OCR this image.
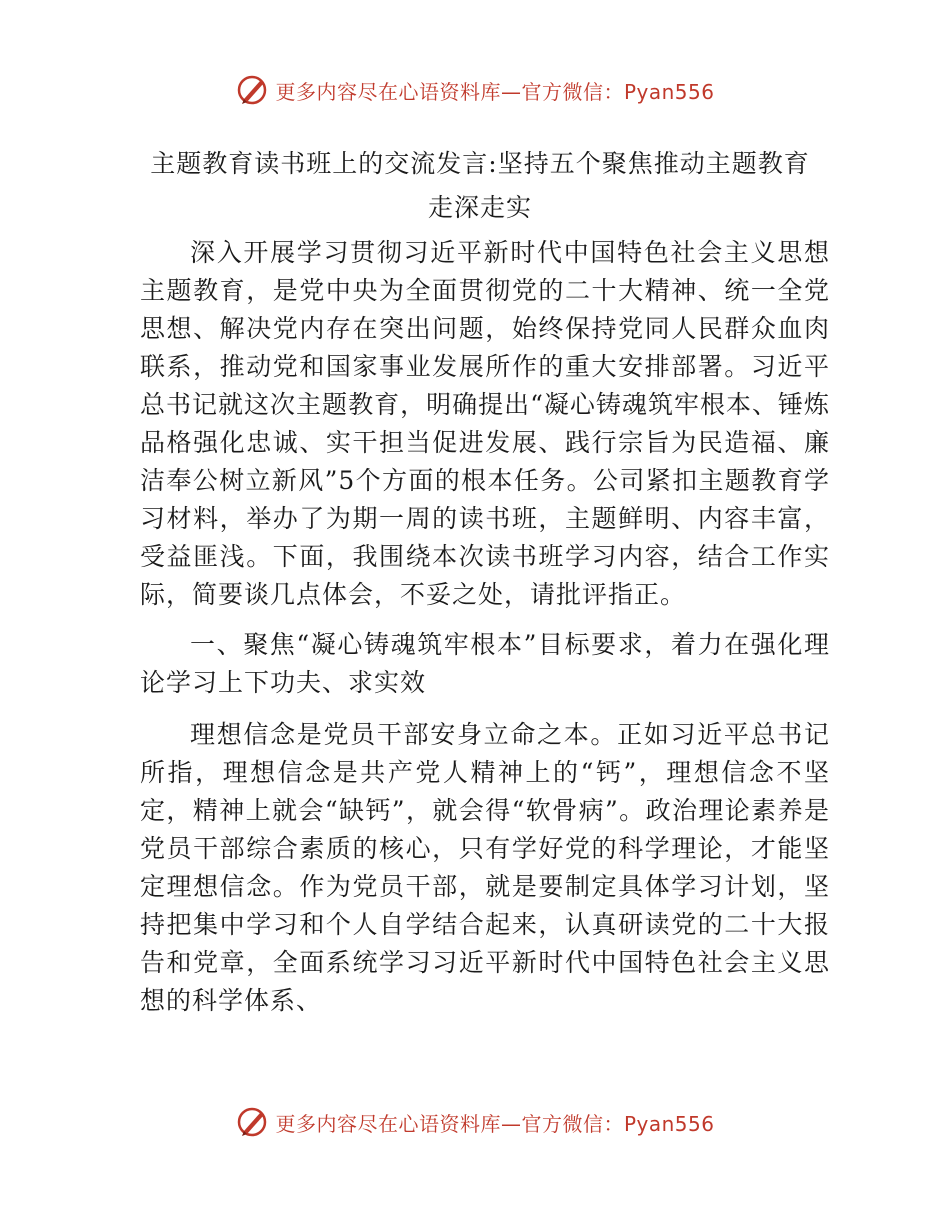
更多内容尽在心语资料库—官方微信：Pyan556
主题教育读书班上的交流发言:坚持五个聚焦推动主题教育走深走实

深入开展学习贯彻习近平新时代中国特色社会主义思想主题教育，是党中央为全面贯彻党的二十大精神、统一全党思想、解决党内存在突出问题，始终保持党同人民群众血肉联系，推动党和国家事业发展所作的重大安排部署。习近平总书记就这次主题教育，明确提出“凝心铸魂筑牢根本、锤炼品格强化忠诚、实干担当促进发展、践行宗旨为民造福、廉洁奉公树立新风”5个方面的根本任务。公司紧扣主题教育学习材料，举办了为期一周的读书班，主题鲜明、内容丰富，受益匪浅。下面，我围绕本次读书班学习内容，结合工作实际，简要谈几点体会，不妥之处，请批评指正。

一、聚焦“凝心铸魂筑牢根本”目标要求，着力在强化理论学习上下功夫、求实效

理想信念是党员干部安身立命之本。正如习近平总书记所指，理想信念是共产党人精神上的“钙”，理想信念不坚定，精神上就会“缺钙”，就会得“软骨病”。政治理论素养是党员干部综合素质的核心，只有学好党的科学理论，才能坚定理想信念。作为党员干部，就是要制定具体学习计划，坚持把集中学习和个人自学结合起来，认真研读党的二十大报告和党章，全面系统学习习近平新时代中国特色社会主义思想的科学体系、

更多内容尽在心语资料库—官方微信：Pyan556
